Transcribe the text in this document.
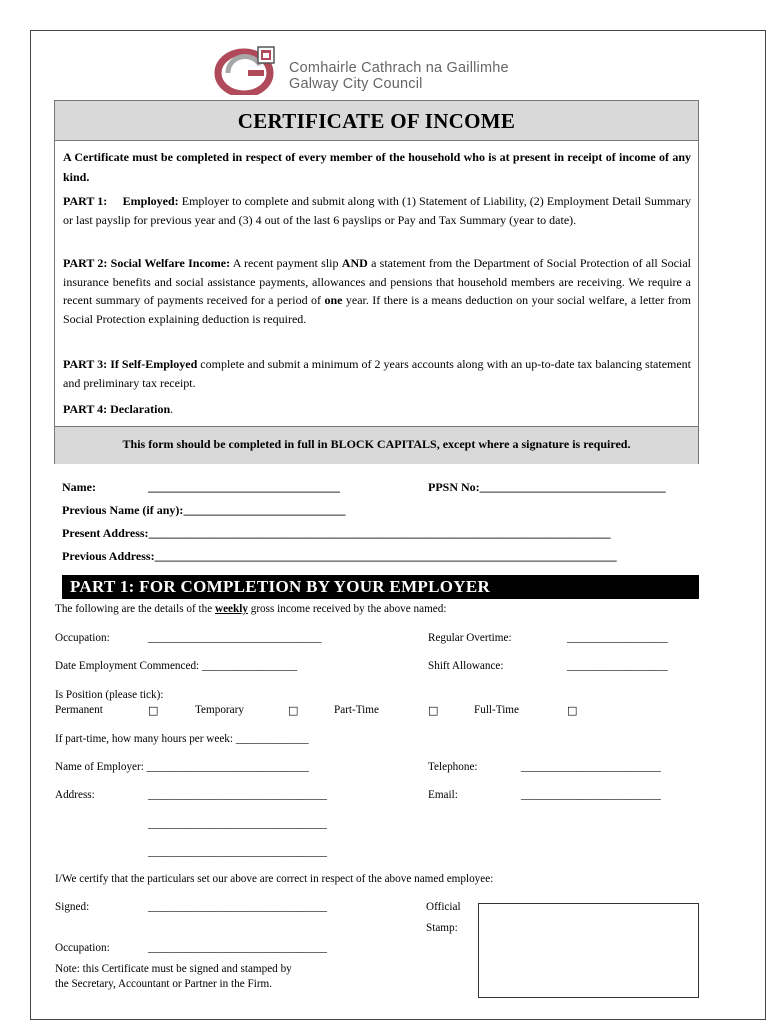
Comhairle Cathrach na Gaillimhe
Galway City Council
CERTIFICATE OF INCOME
A Certificate must be completed in respect of every member of the household who is at present in receipt of income of any kind.
PART 1: Employed: Employer to complete and submit along with (1) Statement of Liability, (2) Employment Detail Summary or last payslip for previous year and (3) 4 out of the last 6 payslips or Pay and Tax Summary (year to date).
PART 2: Social Welfare Income: A recent payment slip AND a statement from the Department of Social Protection of all Social insurance benefits and social assistance payments, allowances and pensions that household members are receiving. We require a recent summary of payments received for a period of one year. If there is a means deduction on your social welfare, a letter from Social Protection explaining deduction is required.
PART 3: If Self-Employed complete and submit a minimum of 2 years accounts along with an up-to-date tax balancing statement and preliminary tax receipt.
PART 4: Declaration.
This form should be completed in full in BLOCK CAPITALS, except where a signature is required.
Name:	________________________________	PPSN No:_______________________________
Previous Name (if any):___________________________
Present Address:_____________________________________________________________________________
Previous Address:_____________________________________________________________________________
PART 1: FOR COMPLETION BY YOUR EMPLOYER
The following are the details of the weekly gross income received by the above named:
Occupation:	_______________________________	Regular Overtime:	__________________
Date Employment Commenced: _________________	Shift Allowance:	__________________
Is Position (please tick):
Permanent	□	Temporary	□	Part-Time	□	Full-Time	□
If part-time, how many hours per week: _____________
Name of Employer: _____________________________	Telephone:	_________________________
Address:	________________________________	Email:	_________________________
________________________________
________________________________
I/We certify that the particulars set our above are correct in respect of the above named employee:
Signed:	________________________________	Official
Stamp:
Occupation:	________________________________
Note: this Certificate must be signed and stamped by
the Secretary, Accountant or Partner in the Firm.
